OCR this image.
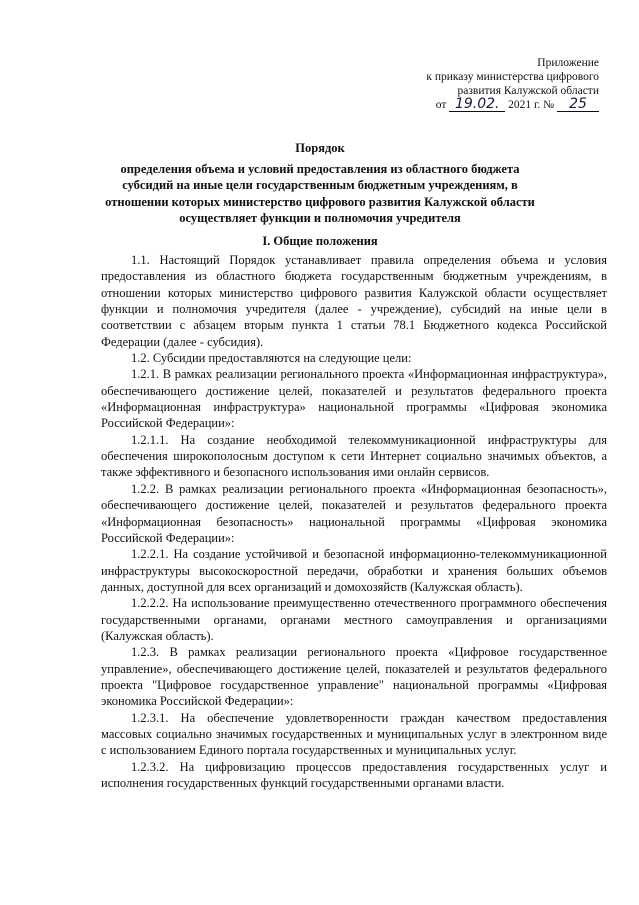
Приложение
к приказу министерства цифрового
развития Калужской области
от 19.02. 2021 г. № 25
Порядок
определения объема и условий предоставления из областного бюджета субсидий на иные цели государственным бюджетным учреждениям, в отношении которых министерство цифрового развития Калужской области осуществляет функции и полномочия учредителя
I. Общие положения

1.1. Настоящий Порядок устанавливает правила определения объема и условия предоставления из областного бюджета государственным бюджетным учреждениям, в отношении которых министерство цифрового развития Калужской области осуществляет функции и полномочия учредителя (далее - учреждение), субсидий на иные цели в соответствии с абзацем вторым пункта 1 статьи 78.1 Бюджетного кодекса Российской Федерации (далее - субсидия).

1.2. Субсидии предоставляются на следующие цели:

1.2.1. В рамках реализации регионального проекта «Информационная инфраструктура», обеспечивающего достижение целей, показателей и результатов федерального проекта «Информационная инфраструктура» национальной программы «Цифровая экономика Российской Федерации»:

1.2.1.1. На создание необходимой телекоммуникационной инфраструктуры для обеспечения широкополосным доступом к сети Интернет социально значимых объектов, а также эффективного и безопасного использования ими онлайн сервисов.

1.2.2. В рамках реализации регионального проекта «Информационная безопасность», обеспечивающего достижение целей, показателей и результатов федерального проекта «Информационная безопасность» национальной программы «Цифровая экономика Российской Федерации»:

1.2.2.1. На создание устойчивой и безопасной информационно-телекоммуникационной инфраструктуры высокоскоростной передачи, обработки и хранения больших объемов данных, доступной для всех организаций и домохозяйств (Калужская область).

1.2.2.2. На использование преимущественно отечественного программного обеспечения государственными органами, органами местного самоуправления и организациями (Калужская область).

1.2.3. В рамках реализации регионального проекта «Цифровое государственное управление», обеспечивающего достижение целей, показателей и результатов федерального проекта "Цифровое государственное управление" национальной программы «Цифровая экономика Российской Федерации»:

1.2.3.1. На обеспечение удовлетворенности граждан качеством предоставления массовых социально значимых государственных и муниципальных услуг в электронном виде с использованием Единого портала государственных и муниципальных услуг.

1.2.3.2. На цифровизацию процессов предоставления государственных услуг и исполнения государственных функций государственными органами власти.
